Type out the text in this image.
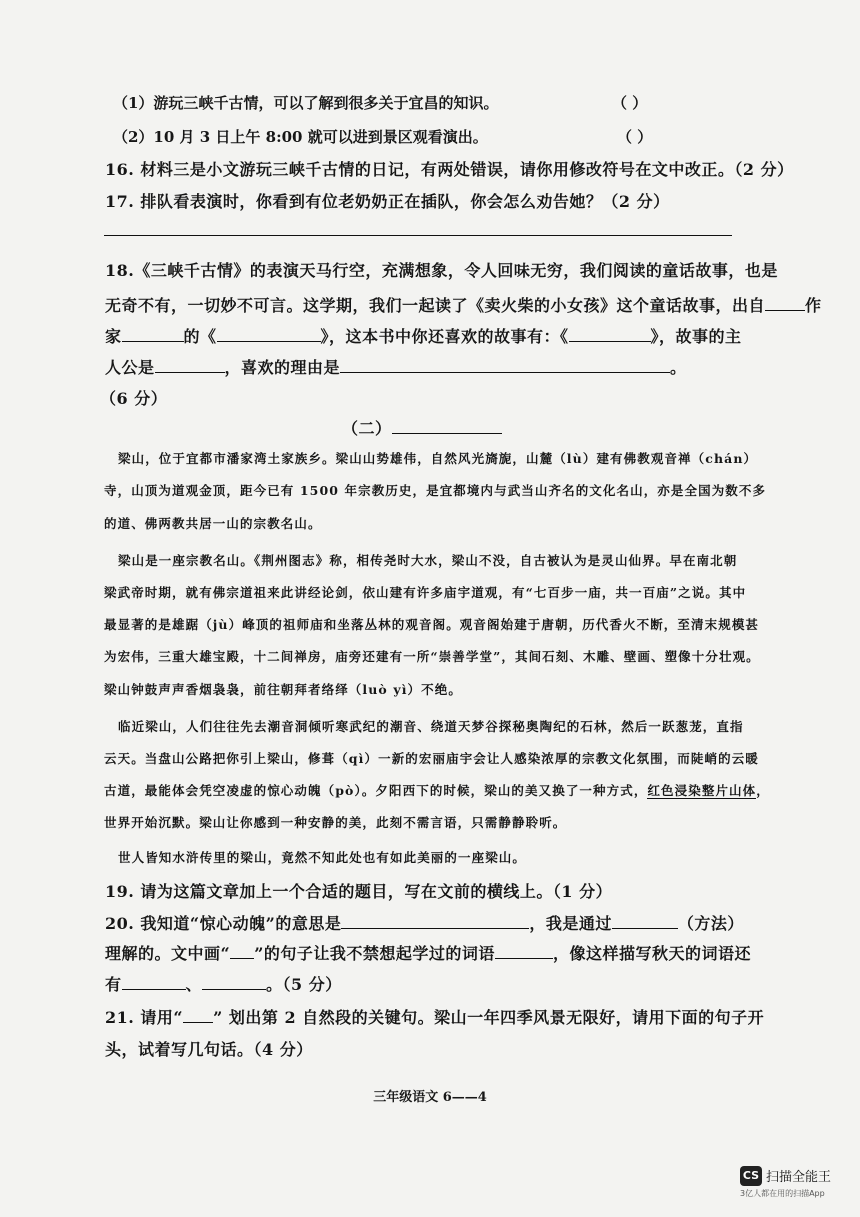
（1）游玩三峡千古情，可以了解到很多关于宜昌的知识。	（ ）
（2）10 月 3 日上午 8:00 就可以进到景区观看演出。	（ ）
16. 材料三是小文游玩三峡千古情的日记，有两处错误，请你用修改符号在文中改正。（2 分）
17. 排队看表演时，你看到有位老奶奶正在插队，你会怎么劝告她？（2 分）
18.《三峡千古情》的表演天马行空，充满想象，令人回味无穷，我们阅读的童话故事，也是
无奇不有，一切妙不可言。这学期，我们一起读了《卖火柴的小女孩》这个童话故事，出自	作
家	的《	》，这本书中你还喜欢的故事有：《	》，故事的主
人公是	，喜欢的理由是	。
（6 分）
（二）
梁山，位于宜都市潘家湾土家族乡。梁山山势雄伟，自然风光旖旎，山麓（lù）建有佛教观音禅（chán）
寺，山顶为道观金顶，距今已有 1500 年宗教历史，是宜都境内与武当山齐名的文化名山，亦是全国为数不多
的道、佛两教共居一山的宗教名山。
梁山是一座宗教名山。《荆州图志》称，相传尧时大水，梁山不没，自古被认为是灵山仙界。早在南北朝
梁武帝时期，就有佛宗道祖来此讲经论剑，依山建有许多庙宇道观，有“七百步一庙，共一百庙”之说。其中
最显著的是雄踞（jù）峰顶的祖师庙和坐落丛林的观音阁。观音阁始建于唐朝，历代香火不断，至清末规模甚
为宏伟，三重大雄宝殿，十二间禅房，庙旁还建有一所“崇善学堂”，其间石刻、木雕、壁画、塑像十分壮观。
梁山钟鼓声声香烟袅袅，前往朝拜者络绎（luò yì）不绝。
临近梁山，人们往往先去潮音洞倾听寒武纪的潮音、绕道天梦谷探秘奥陶纪的石林，然后一跃葱茏，直指
云天。当盘山公路把你引上梁山，修葺（qì）一新的宏丽庙宇会让人感染浓厚的宗教文化氛围，而陡峭的云暖
古道，最能体会凭空凌虚的惊心动魄（pò）。夕阳西下的时候，梁山的美又换了一种方式，红色浸染整片山体，
世界开始沉默。梁山让你感到一种安静的美，此刻不需言语，只需静静聆听。
世人皆知水浒传里的梁山，竟然不知此处也有如此美丽的一座梁山。
19. 请为这篇文章加上一个合适的题目，写在文前的横线上。（1 分）
20. 我知道“惊心动魄”的意思是	，我是通过	（方法）
理解的。文中画“ ”的句子让我不禁想起学过的词语	，像这样描写秋天的词语还
有	、	。（5 分）
21. 请用“ ” 划出第 2 自然段的关键句。梁山一年四季风景无限好，请用下面的句子开
头，试着写几句话。（4 分）
三年级语文 6——4
CS 扫描全能王
3亿人都在用的扫描App
